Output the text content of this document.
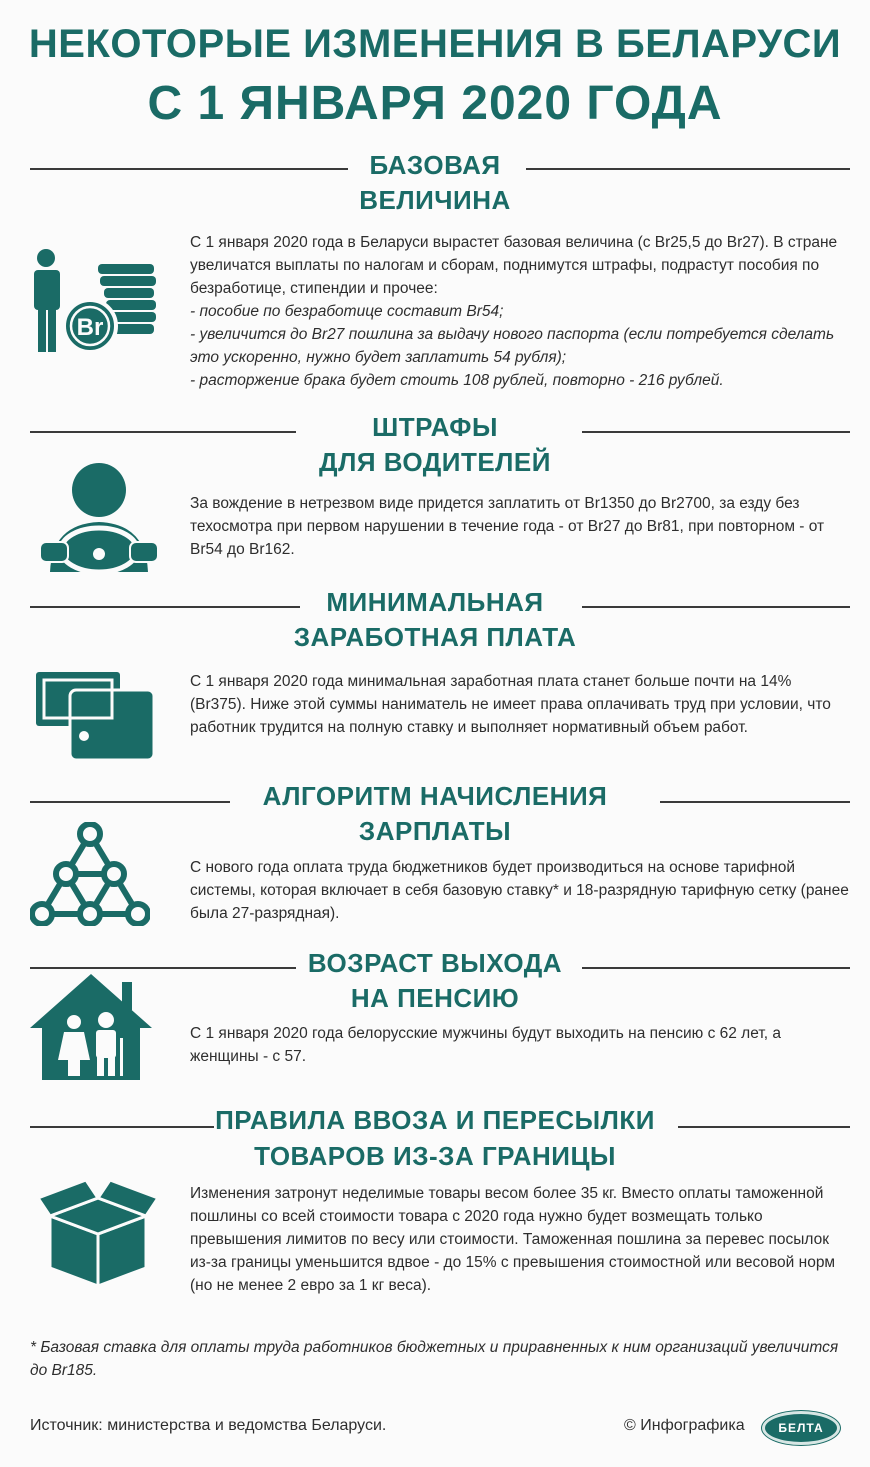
НЕКОТОРЫЕ ИЗМЕНЕНИЯ В БЕЛАРУСИ
С 1 ЯНВАРЯ 2020 ГОДА
БАЗОВАЯ
ВЕЛИЧИНА
Br
С 1 января 2020 года в Беларуси вырастет базовая величина (с Br25,5 до Br27). В стране увеличатся выплаты по налогам и сборам, поднимутся штрафы, подрастут пособия по безработице, стипендии и прочее:
- пособие по безработице составит Br54;
- увеличится до Br27 пошлина за выдачу нового паспорта (если потребуется сделать это ускоренно, нужно будет заплатить 54 рубля);
- расторжение брака будет стоить 108 рублей, повторно - 216 рублей.
ШТРАФЫ
ДЛЯ ВОДИТЕЛЕЙ
За вождение в нетрезвом виде придется заплатить от Br1350 до Br2700, за езду без техосмотра при первом нарушении в течение года - от Br27 до Br81, при повторном - от Br54 до Br162.
МИНИМАЛЬНАЯ
ЗАРАБОТНАЯ ПЛАТА
С 1 января 2020 года минимальная заработная плата станет больше почти на 14% (Br375). Ниже этой суммы наниматель не имеет права оплачивать труд при условии, что работник трудится на полную ставку и выполняет нормативный объем работ.
АЛГОРИТМ НАЧИСЛЕНИЯ
ЗАРПЛАТЫ
С нового года оплата труда бюджетников будет производиться на основе тарифной системы, которая включает в себя базовую ставку* и 18-разрядную тарифную сетку (ранее была 27-разрядная).
ВОЗРАСТ ВЫХОДА
НА ПЕНСИЮ
С 1 января 2020 года белорусские мужчины будут выходить на пенсию с 62 лет, а женщины - с 57.
ПРАВИЛА ВВОЗА И ПЕРЕСЫЛКИ
ТОВАРОВ ИЗ-ЗА ГРАНИЦЫ
Изменения затронут неделимые товары весом более 35 кг. Вместо оплаты таможенной пошлины со всей стоимости товара с 2020 года нужно будет возмещать только превышения лимитов по весу или стоимости. Таможенная пошлина за перевес посылок из-за границы уменьшится вдвое - до 15% с превышения стоимостной или весовой норм (но не менее 2 евро за 1 кг веса).
* Базовая ставка для оплаты труда работников бюджетных и приравненных к ним организаций увеличится до Br185.
Источник: министерства и ведомства Беларуси.	© Инфографика	БЕЛТА
